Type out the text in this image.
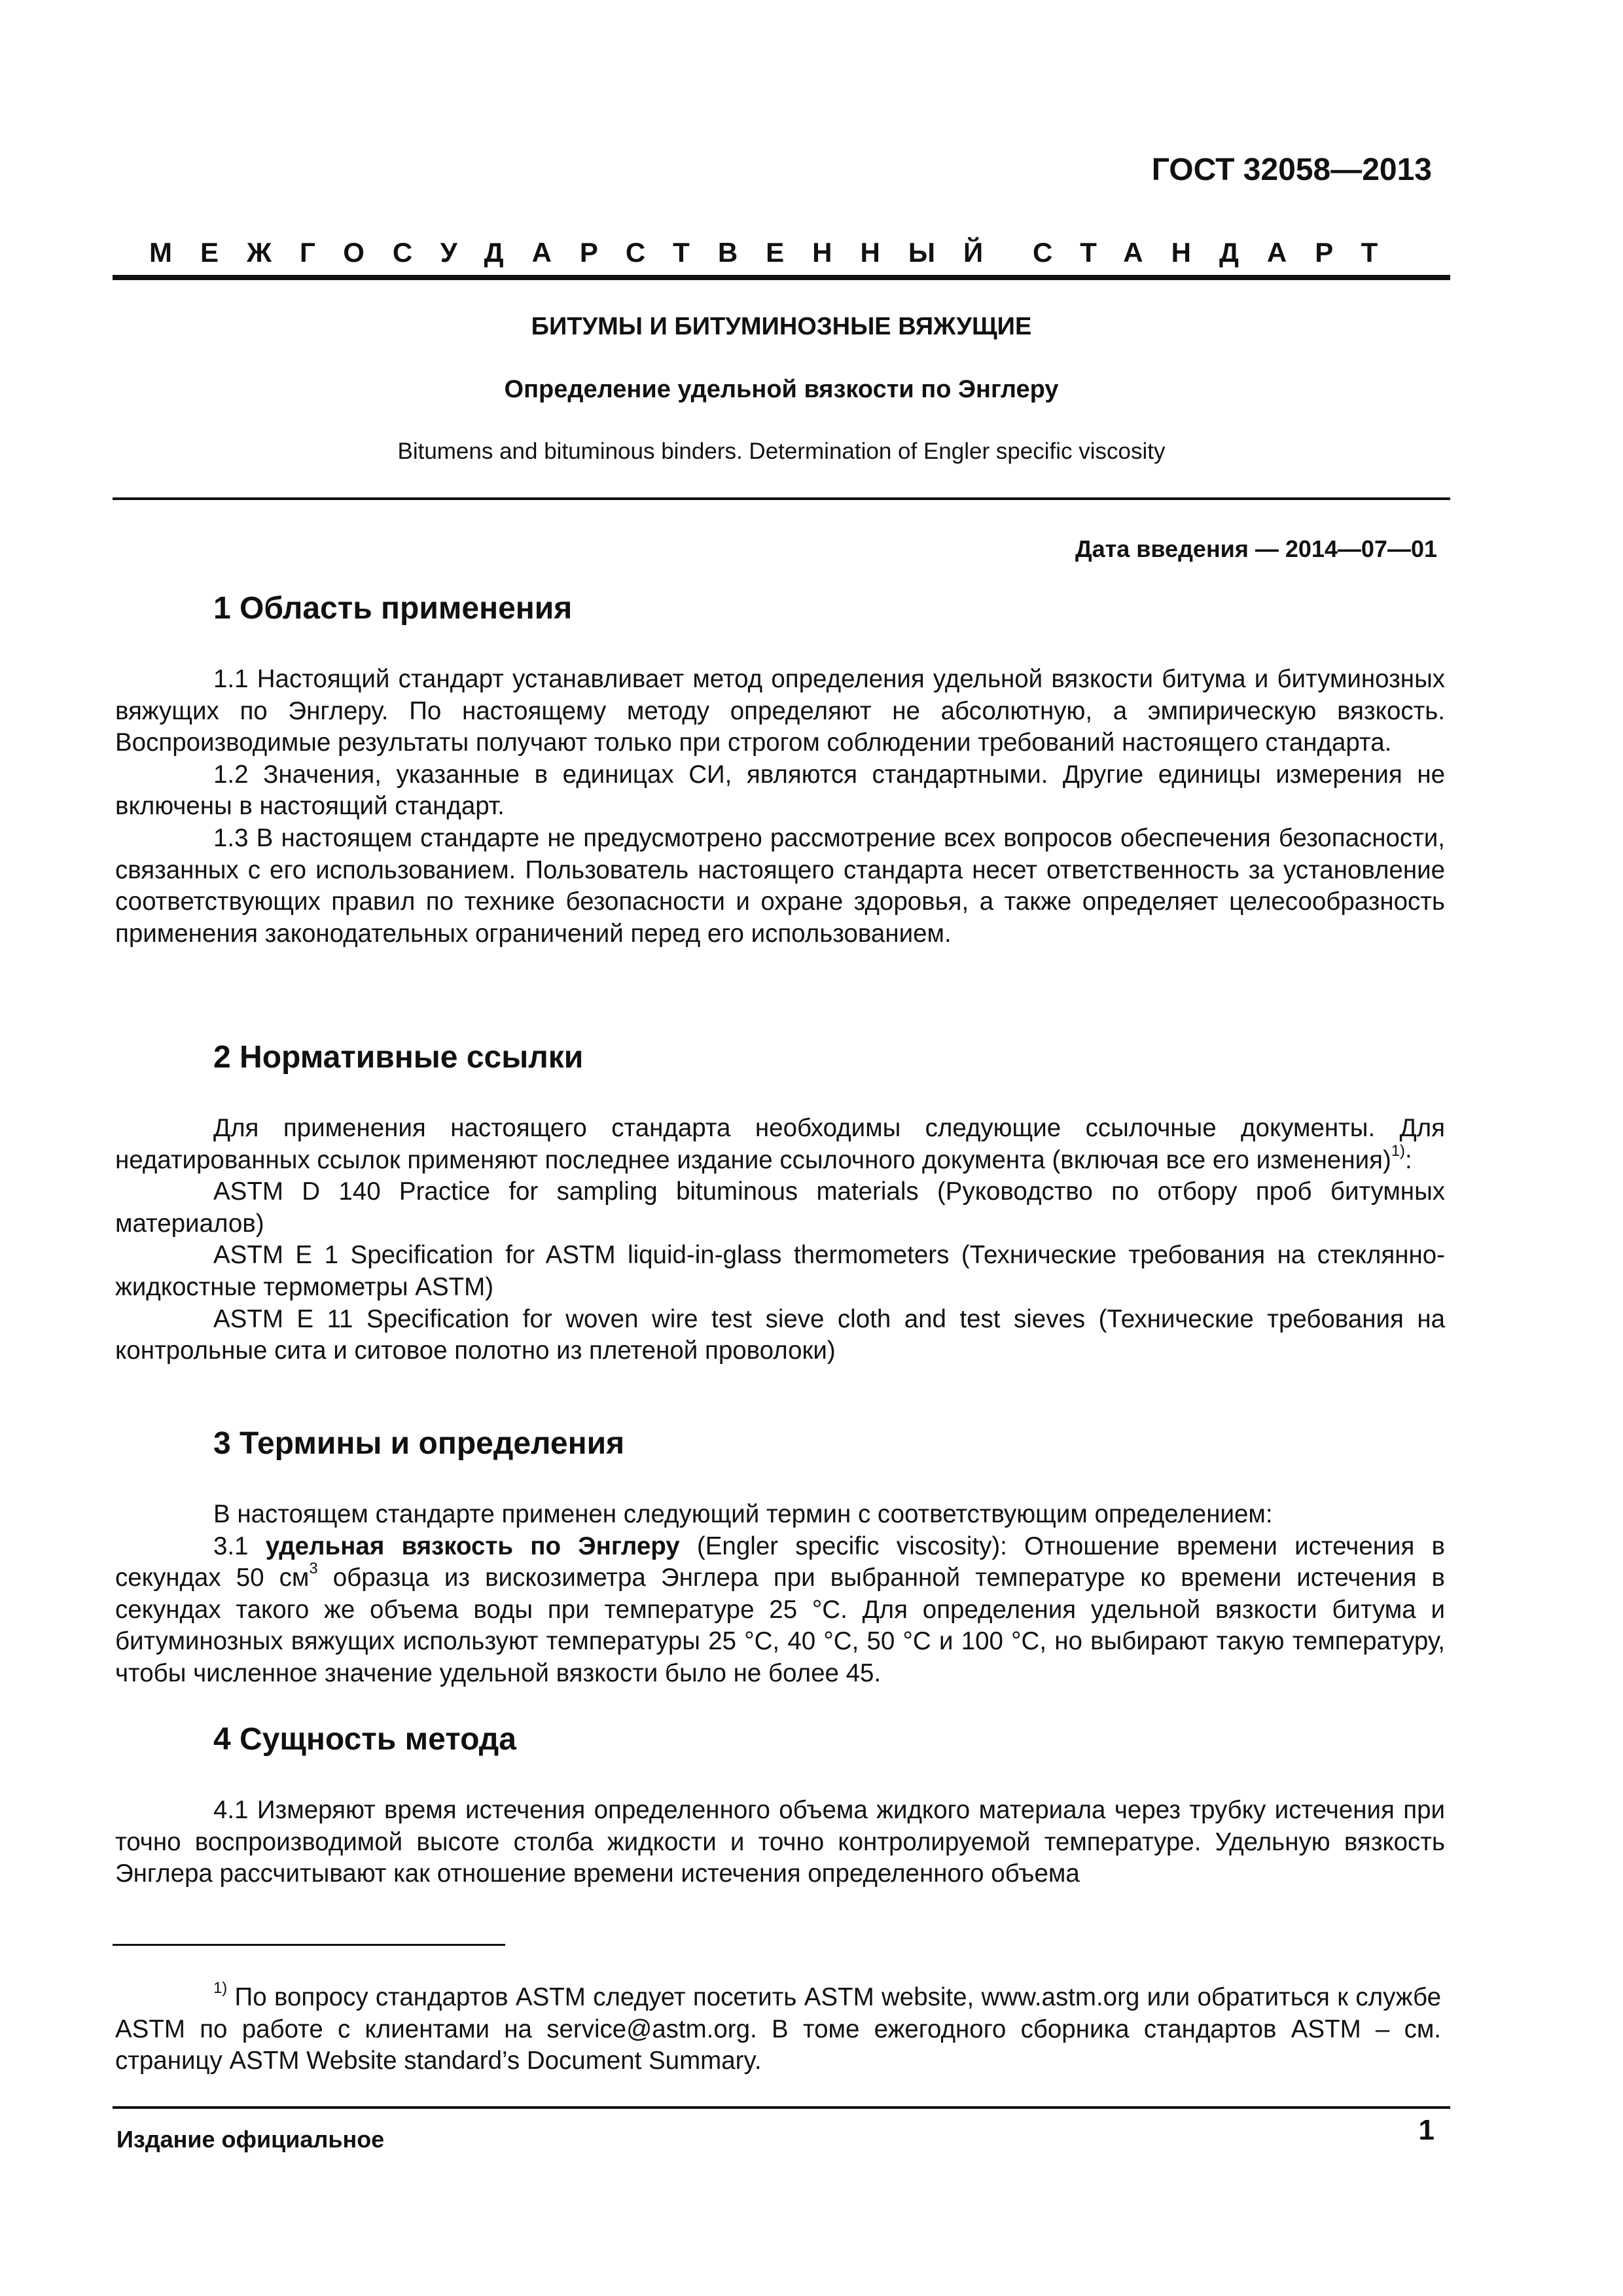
ГОСТ 32058—2013
МЕЖГОСУДАРСТВЕННЫЙ СТАНДАРТ
БИТУМЫ И БИТУМИНОЗНЫЕ ВЯЖУЩИЕ
Определение удельной вязкости по Энглеру
Bitumens and bituminous binders. Determination of Engler specific viscosity
Дата введения — 2014—07—01
1 Область применения

1.1 Настоящий стандарт устанавливает метод определения удельной вязкости битума и битуминозных вяжущих по Энглеру. По настоящему методу определяют не абсолютную, а эмпирическую вязкость. Воспроизводимые результаты получают только при строгом соблюдении требований настоящего стандарта.

1.2 Значения, указанные в единицах СИ, являются стандартными. Другие единицы измерения не включены в настоящий стандарт.

1.3 В настоящем стандарте не предусмотрено рассмотрение всех вопросов обеспечения безопасности, связанных с его использованием. Пользователь настоящего стандарта несет ответственность за установление соответствующих правил по технике безопасности и охране здоровья, а также определяет целесообразность применения законодательных ограничений перед его использованием.

2 Нормативные ссылки

Для применения настоящего стандарта необходимы следующие ссылочные документы. Для недатированных ссылок применяют последнее издание ссылочного документа (включая все его изменения)$^{1)}$:

ASTM D 140 Practice for sampling bituminous materials (Руководство по отбору проб битумных материалов)

ASTM E 1 Specification for ASTM liquid-in-glass thermometers (Технические требования на стеклянно-жидкостные термометры ASTM)

ASTM E 11 Specification for woven wire test sieve cloth and test sieves (Технические требования на контрольные сита и ситовое полотно из плетеной проволоки)

3 Термины и определения

В настоящем стандарте применен следующий термин с соответствующим определением:

3.1 удельная вязкость по Энглеру (Engler specific viscosity): Отношение времени истечения в секундах 50 $см^3$ образца из вискозиметра Энглера при выбранной температуре ко времени истечения в секундах такого же объема воды при температуре 25 °С. Для определения удельной вязкости битума и битуминозных вяжущих используют температуры 25 °С, 40 °С, 50 °С и 100 °С, но выбирают такую температуру, чтобы численное значение удельной вязкости было не более 45.

4 Сущность метода

4.1 Измеряют время истечения определенного объема жидкого материала через трубку истечения при точно воспроизводимой высоте столба жидкости и точно контролируемой температуре. Удельную вязкость Энглера рассчитывают как отношение времени истечения определенного объема

$^{1)}$ По вопросу стандартов ASTM следует посетить ASTM website, www.astm.org или обратиться к службе ASTM по работе с клиентами на service@astm.org. В томе ежегодного сборника стандартов ASTM – см. страницу ASTM Website standard’s Document Summary.

Издание официальное	1
